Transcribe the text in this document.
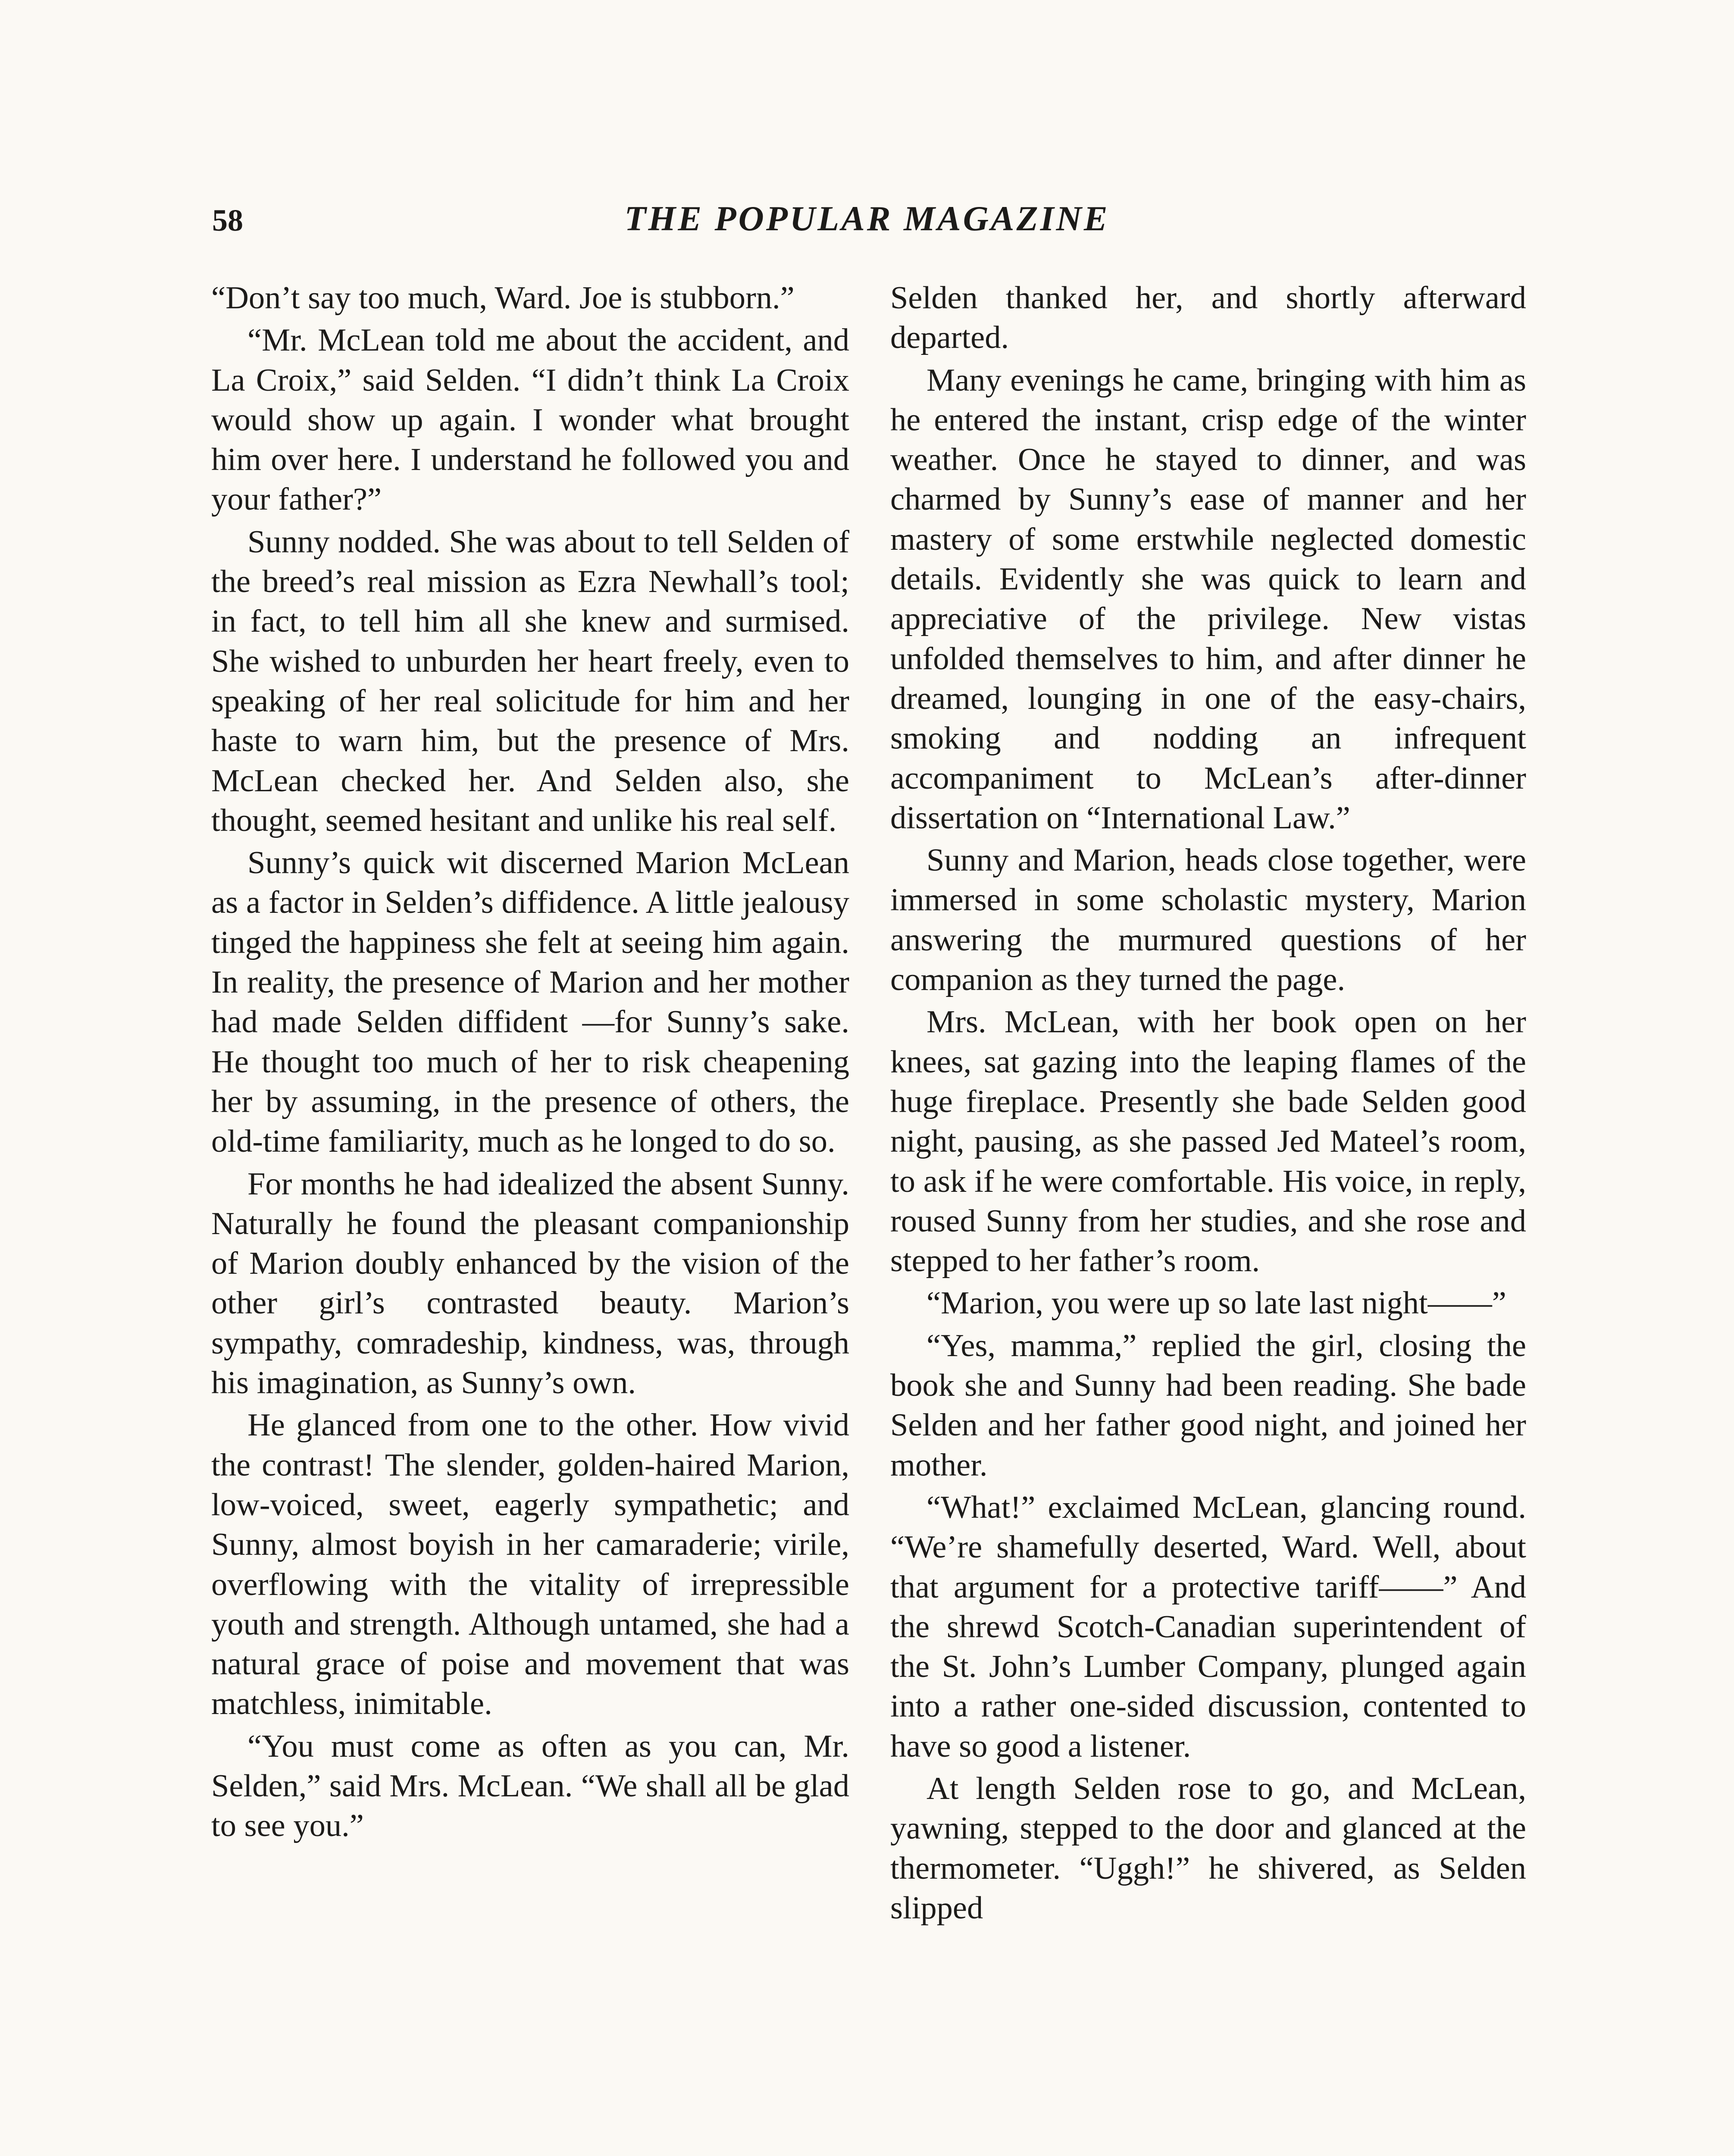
58	THE POPULAR MAGAZINE

“Don’t say too much, Ward. Joe is stubborn.”

“Mr. McLean told me about the accident, and La Croix,” said Selden. “I didn’t think La Croix would show up again. I wonder what brought him over here. I understand he followed you and your father?”

Sunny nodded. She was about to tell Selden of the breed’s real mission as Ezra Newhall’s tool; in fact, to tell him all she knew and surmised. She wished to unburden her heart freely, even to speaking of her real solicitude for him and her haste to warn him, but the presence of Mrs. McLean checked her. And Selden also, she thought, seemed hesitant and unlike his real self.

Sunny’s quick wit discerned Marion McLean as a factor in Selden’s diffidence. A little jealousy tinged the happiness she felt at seeing him again. In reality, the presence of Marion and her mother had made Selden diffident —for Sunny’s sake. He thought too much of her to risk cheapening her by assuming, in the presence of others, the old-time familiarity, much as he longed to do so.

For months he had idealized the absent Sunny. Naturally he found the pleasant companionship of Marion doubly enhanced by the vision of the other girl’s contrasted beauty. Marion’s sympathy, comradeship, kindness, was, through his imagination, as Sunny’s own.

He glanced from one to the other. How vivid the contrast! The slender, golden-haired Marion, low-voiced, sweet, eagerly sympathetic; and Sunny, almost boyish in her camaraderie; virile, overflowing with the vitality of irrepressible youth and strength. Although untamed, she had a natural grace of poise and movement that was matchless, inimitable.

“You must come as often as you can, Mr. Selden,” said Mrs. McLean. “We shall all be glad to see you.”

Selden thanked her, and shortly afterward departed.

Many evenings he came, bringing with him as he entered the instant, crisp edge of the winter weather. Once he stayed to dinner, and was charmed by Sunny’s ease of manner and her mastery of some erstwhile neglected domestic details. Evidently she was quick to learn and appreciative of the privilege. New vistas unfolded themselves to him, and after dinner he dreamed, lounging in one of the easy-chairs, smoking and nodding an infrequent accompaniment to McLean’s after-dinner dissertation on “International Law.”

Sunny and Marion, heads close together, were immersed in some scholastic mystery, Marion answering the murmured questions of her companion as they turned the page.

Mrs. McLean, with her book open on her knees, sat gazing into the leaping flames of the huge fireplace. Presently she bade Selden good night, pausing, as she passed Jed Mateel’s room, to ask if he were comfortable. His voice, in reply, roused Sunny from her studies, and she rose and stepped to her father’s room.

“Marion, you were up so late last night——”

“Yes, mamma,” replied the girl, closing the book she and Sunny had been reading. She bade Selden and her father good night, and joined her mother.

“What!” exclaimed McLean, glancing round. “We’re shamefully deserted, Ward. Well, about that argument for a protective tariff——” And the shrewd Scotch-Canadian superintendent of the St. John’s Lumber Company, plunged again into a rather one-sided discussion, contented to have so good a listener.

At length Selden rose to go, and McLean, yawning, stepped to the door and glanced at the thermometer. “Uggh!” he shivered, as Selden slipped
